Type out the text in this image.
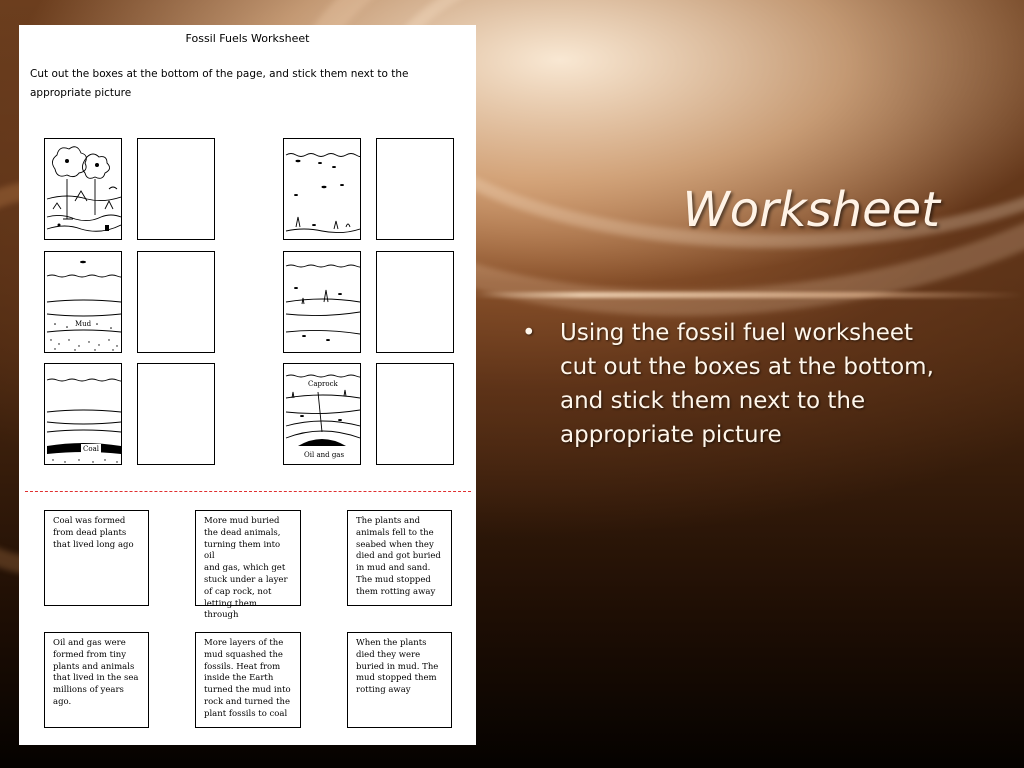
Fossil Fuels Worksheet
Cut out the boxes at the bottom of the page, and stick them next to the appropriate picture
Mud
Coal
Caprock
Oil and gas
Coal was formed
from dead plants
that lived long ago
More mud buried
the dead animals,
turning them into oil
and gas, which get
stuck under a layer
of cap rock, not
letting them through
The plants and
animals fell to the
seabed when they
died and got buried
in mud and sand.
The mud stopped
them rotting away
Oil and gas were
formed from tiny
plants and animals
that lived in the sea
millions of years
ago.
More layers of the
mud squashed the
fossils. Heat from
inside the Earth
turned the mud into
rock and turned the
plant fossils to coal
When the plants
died they were
buried in mud. The
mud stopped them
rotting away
Worksheet
• Using the fossil fuel worksheet cut out the boxes at the bottom, and stick them next to the appropriate picture
